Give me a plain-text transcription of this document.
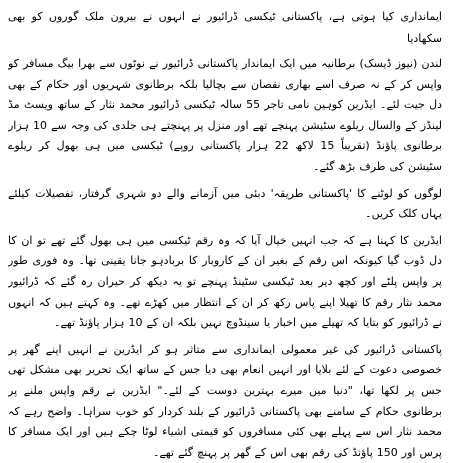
ایمانداری کیا ہوتی ہے، پاکستانی ٹیکسی ڈرائیور نے انہوں نے بیرون ملک گوروں کو بھی سکھادیا

لندن (نیوز ڈیسک) برطانیہ میں ایک ایماندار پاکستانی ڈرائیور نے نوٹوں سے بھرا بیگ مسافر کو واپس کر کے نہ صرف اسے بھاری نقصان سے بچالیا بلکہ برطانوی شہریوں اور حکام کے بھی دل جیت لئے۔ ایڈرین کوہین نامی تاجر 55 سالہ ٹیکسی ڈرائیور محمد نثار کے ساتھ ویسٹ مڈ لینڈز کے والسال ریلوے سٹیشن پہنچے تھے اور منزل پر پہنچتے ہی جلدی کی وجہ سے 10 ہزار برطانوی پاؤنڈ (تقریباً 15 لاکھ 22 ہزار پاکستانی روپے) ٹیکسی میں ہی بھول کر ریلوے سٹیشن کی طرف بڑھ گئے۔

لوگوں کو لوٹنے کا 'پاکستانی طریقہ' دبئی میں آزمانے والے دو شہری گرفتار، تفصیلات کیلئے یہاں کلک کریں۔

ایڈرین کا کہنا ہے کہ جب انہیں خیال آیا کہ وہ رقم ٹیکسی میں ہی بھول گئے تھے تو ان کا دل ڈوب گیا کیونکہ اس رقم کے بغیر ان کے کاروبار کا بربادہو جانا یقینی تھا۔ وہ فوری طور پر واپس پلٹے اور کچھ دیر بعد ٹیکسی سٹینڈ پہنچے تو یہ دیکھ کر حیران رہ گئے کہ ڈرائیور محمد نثار رقم کا تھیلا اپنے پاس رکھ کر ان کے انتظار میں کھڑے تھے۔ وہ کہتے ہیں کہ انہوں نے ڈرائیور کو بتایا کہ تھیلے میں اخبار یا سینڈوچ نہیں بلکہ ان کے 10 ہزار پاؤنڈ تھے۔

پاکستانی ڈرائیور کی غیر معمولی ایمانداری سے متاثر ہو کر ایڈرین نے انہیں اپنے گھر پر خصوصی دعوت کے لئے بلایا اور انہیں انعام بھی دیا جس کے ساتھ ایک تحریر بھی مشکل تھی جس پر لکھا تھا، "دنیا میں میرے بہترین دوست کے لئے۔" ایڈرین نے رقم واپس ملنے پر برطانوی حکام کے سامنے بھی پاکستانی ڈرائیور کے بلند کردار کو خوب سراہا۔ واضح رہے کہ محمد نثار اس سے پہلے بھی کئی مسافروں کو قیمتی اشیاء لوٹا چکے ہیں اور ایک مسافر کا پرس اور 150 پاؤنڈ کی رقم بھی اس کے گھر پر پہنچ گئے تھے۔
